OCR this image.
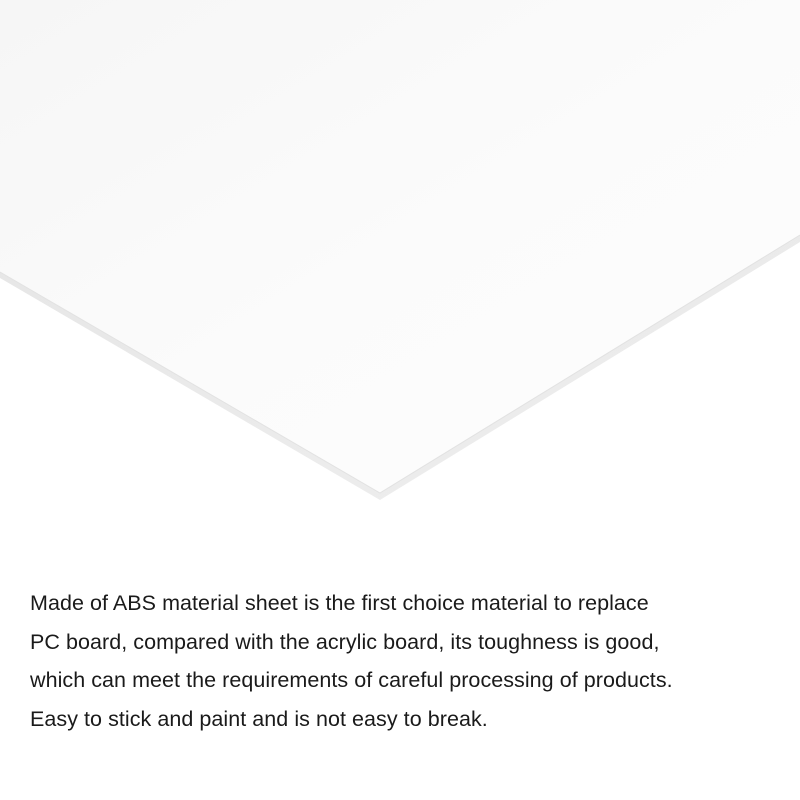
Made of ABS material sheet is the first choice material to replace
PC board, compared with the acrylic board, its toughness is good,
which can meet the requirements of careful processing of products.
Easy to stick and paint and is not easy to break.
